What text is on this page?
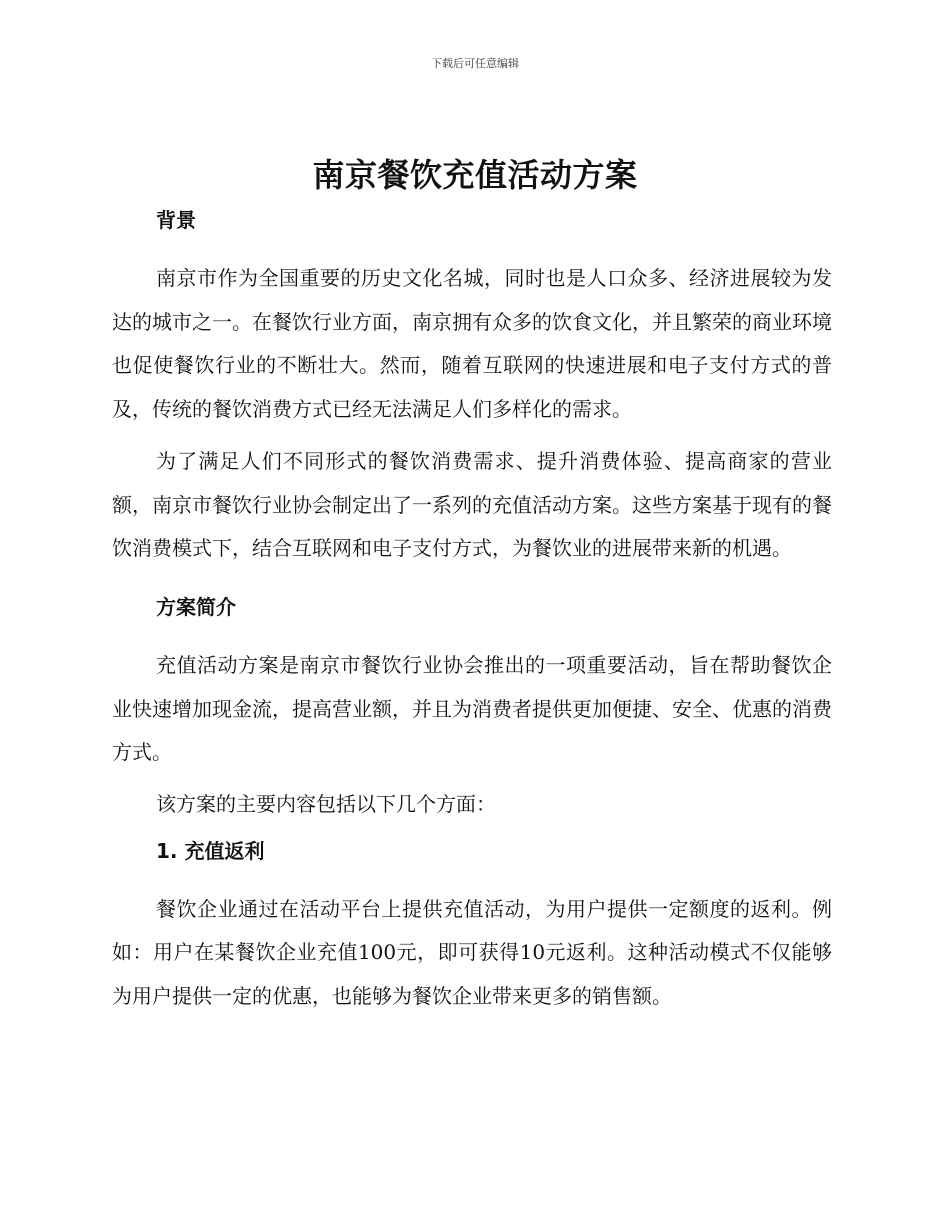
下载后可任意编辑
南京餐饮充值活动方案
背景

南京市作为全国重要的历史文化名城，同时也是人口众多、经济进展较为发达的城市之一。在餐饮行业方面，南京拥有众多的饮食文化，并且繁荣的商业环境也促使餐饮行业的不断壮大。然而，随着互联网的快速进展和电子支付方式的普及，传统的餐饮消费方式已经无法满足人们多样化的需求。

为了满足人们不同形式的餐饮消费需求、提升消费体验、提高商家的营业额，南京市餐饮行业协会制定出了一系列的充值活动方案。这些方案基于现有的餐饮消费模式下，结合互联网和电子支付方式，为餐饮业的进展带来新的机遇。

方案简介

充值活动方案是南京市餐饮行业协会推出的一项重要活动，旨在帮助餐饮企业快速增加现金流，提高营业额，并且为消费者提供更加便捷、安全、优惠的消费方式。

该方案的主要内容包括以下几个方面：

1. 充值返利

餐饮企业通过在活动平台上提供充值活动，为用户提供一定额度的返利。例如：用户在某餐饮企业充值100元，即可获得10元返利。这种活动模式不仅能够为用户提供一定的优惠，也能够为餐饮企业带来更多的销售额。
